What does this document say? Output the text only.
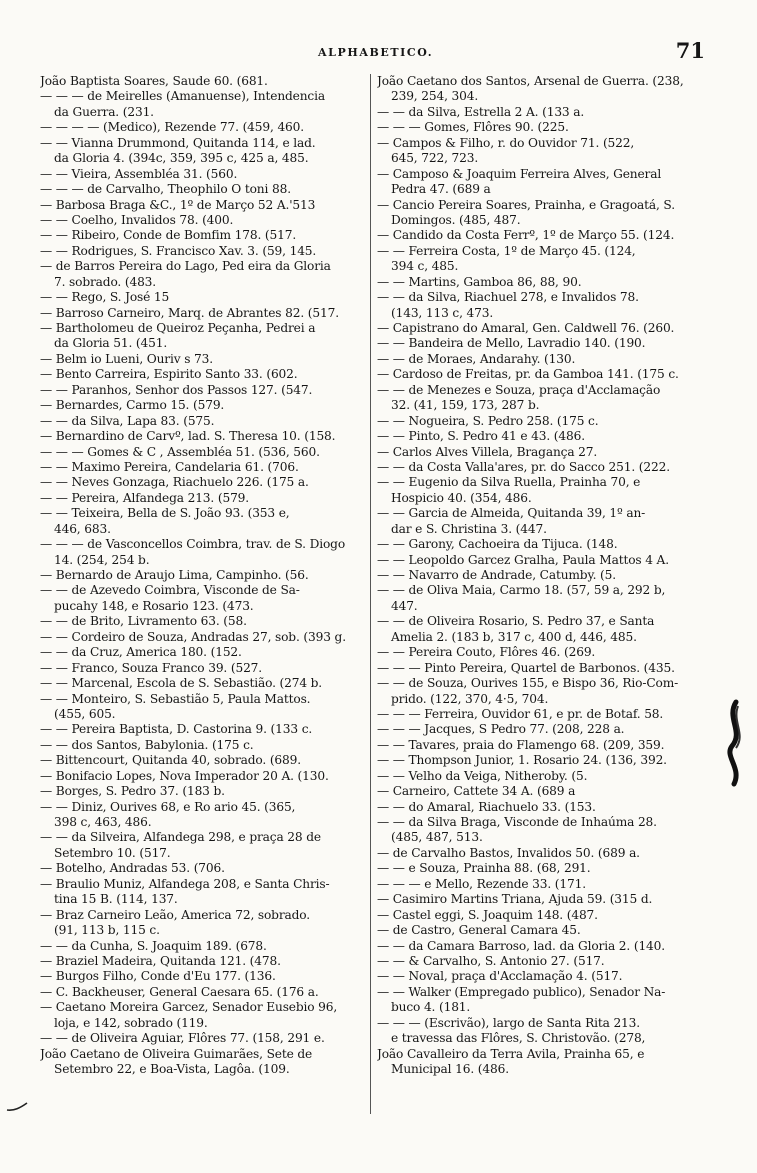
ALPHABETICO.	71
João Baptista Soares, Saude 60. (681.
— — — de Meirelles (Amanuense), Intendencia
da Guerra. (231.
— — — — (Medico), Rezende 77. (459, 460.
— — Vianna Drummond, Quitanda 114, e lad.
da Gloria 4. (394c, 359, 395 c, 425 a, 485.
— — Vieira, Assembléa 31. (560.
— — — de Carvalho, Theophilo O toni 88.
— Barbosa Braga &C., 1º de Março 52 A.'513
— — Coelho, Invalidos 78. (400.
— — Ribeiro, Conde de Bomfim 178. (517.
— — Rodrigues, S. Francisco Xav. 3. (59, 145.
— de Barros Pereira do Lago, Ped eira da Gloria
7. sobrado. (483.
— — Rego, S. José 15
— Barroso Carneiro, Marq. de Abrantes 82. (517.
— Bartholomeu de Queiroz Peçanha, Pedrei a
da Gloria 51. (451.
— Belm io Lueni, Ouriv s 73.
— Bento Carreira, Espirito Santo 33. (602.
— — Paranhos, Senhor dos Passos 127. (547.
— Bernardes, Carmo 15. (579.
— — da Silva, Lapa 83. (575.
— Bernardino de Carvº, lad. S. Theresa 10. (158.
— — — Gomes & C , Assembléa 51. (536, 560.
— — Maximo Pereira, Candelaria 61. (706.
— — Neves Gonzaga, Riachuelo 226. (175 a.
— — Pereira, Alfandega 213. (579.
— — Teixeira, Bella de S. João 93. (353 e,
446, 683.
— — — de Vasconcellos Coimbra, trav. de S. Diogo
14. (254, 254 b.
— Bernardo de Araujo Lima, Campinho. (56.
— — de Azevedo Coimbra, Visconde de Sa-
pucahy 148, e Rosario 123. (473.
— — de Brito, Livramento 63. (58.
— — Cordeiro de Souza, Andradas 27, sob. (393 g.
— — da Cruz, America 180. (152.
— — Franco, Souza Franco 39. (527.
— — Marcenal, Escola de S. Sebastião. (274 b.
— — Monteiro, S. Sebastião 5, Paula Mattos.
(455, 605.
— — Pereira Baptista, D. Castorina 9. (133 c.
— — dos Santos, Babylonia. (175 c.
— Bittencourt, Quitanda 40, sobrado. (689.
— Bonifacio Lopes, Nova Imperador 20 A. (130.
— Borges, S. Pedro 37. (183 b.
— — Diniz, Ourives 68, e Ro ario 45. (365,
398 c, 463, 486.
— — da Silveira, Alfandega 298, e praça 28 de
Setembro 10. (517.
— Botelho, Andradas 53. (706.
— Braulio Muniz, Alfandega 208, e Santa Chris-
tina 15 B. (114, 137.
— Braz Carneiro Leão, America 72, sobrado.
(91, 113 b, 115 c.
— — da Cunha, S. Joaquim 189. (678.
— Braziel Madeira, Quitanda 121. (478.
— Burgos Filho, Conde d'Eu 177. (136.
— C. Backheuser, General Caesara 65. (176 a.
— Caetano Moreira Garcez, Senador Eusebio 96,
loja, e 142, sobrado (119.
— — de Oliveira Aguiar, Flôres 77. (158, 291 e.
João Caetano de Oliveira Guimarães, Sete de
Setembro 22, e Boa-Vista, Lagôa. (109.
João Caetano dos Santos, Arsenal de Guerra. (238,
239, 254, 304.
— — da Silva, Estrella 2 A. (133 a.
— — — Gomes, Flôres 90. (225.
— Campos & Filho, r. do Ouvidor 71. (522,
645, 722, 723.
— Camposo & Joaquim Ferreira Alves, General
Pedra 47. (689 a
— Cancio Pereira Soares, Prainha, e Gragoatá, S.
Domingos. (485, 487.
— Candido da Costa Ferrº, 1º de Março 55. (124.
— — Ferreira Costa, 1º de Março 45. (124,
394 c, 485.
— — Martins, Gamboa 86, 88, 90.
— — da Silva, Riachuel 278, e Invalidos 78.
(143, 113 c, 473.
— Capistrano do Amaral, Gen. Caldwell 76. (260.
— — Bandeira de Mello, Lavradio 140. (190.
— — de Moraes, Andarahy. (130.
— Cardoso de Freitas, pr. da Gamboa 141. (175 c.
— — de Menezes e Souza, praça d'Acclamação
32. (41, 159, 173, 287 b.
— — Nogueira, S. Pedro 258. (175 c.
— — Pinto, S. Pedro 41 e 43. (486.
— Carlos Alves Villela, Bragança 27.
— — da Costa Valla'ares, pr. do Sacco 251. (222.
— — Eugenio da Silva Ruella, Prainha 70, e
Hospicio 40. (354, 486.
— — Garcia de Almeida, Quitanda 39, 1º an-
dar e S. Christina 3. (447.
— — Garony, Cachoeira da Tijuca. (148.
— — Leopoldo Garcez Gralha, Paula Mattos 4 A.
— — Navarro de Andrade, Catumby. (5.
— — de Oliva Maia, Carmo 18. (57, 59 a, 292 b,
447.
— — de Oliveira Rosario, S. Pedro 37, e Santa
Amelia 2. (183 b, 317 c, 400 d, 446, 485.
— — Pereira Couto, Flôres 46. (269.
— — — Pinto Pereira, Quartel de Barbonos. (435.
— — de Souza, Ourives 155, e Bispo 36, Rio-Com-
prido. (122, 370, 4·5, 704.
— — — Ferreira, Ouvidor 61, e pr. de Botaf. 58.
— — — Jacques, S Pedro 77. (208, 228 a.
— — Tavares, praia do Flamengo 68. (209, 359.
— — Thompson Junior, 1. Rosario 24. (136, 392.
— — Velho da Veiga, Nitheroby. (5.
— Carneiro, Cattete 34 A. (689 a
— — do Amaral, Riachuelo 33. (153.
— — da Silva Braga, Visconde de Inhaúma 28.
(485, 487, 513.
— de Carvalho Bastos, Invalidos 50. (689 a.
— — e Souza, Prainha 88. (68, 291.
— — — e Mello, Rezende 33. (171.
— Casimiro Martins Triana, Ajuda 59. (315 d.
— Castel eggi, S. Joaquim 148. (487.
— de Castro, General Camara 45.
— — da Camara Barroso, lad. da Gloria 2. (140.
— — & Carvalho, S. Antonio 27. (517.
— — Noval, praça d'Acclamação 4. (517.
— — Walker (Empregado publico), Senador Na-
buco 4. (181.
— — — (Escrivão), largo de Santa Rita 213.
e travessa das Flôres, S. Christovão. (278,
João Cavalleiro da Terra Avila, Prainha 65, e
Municipal 16. (486.
